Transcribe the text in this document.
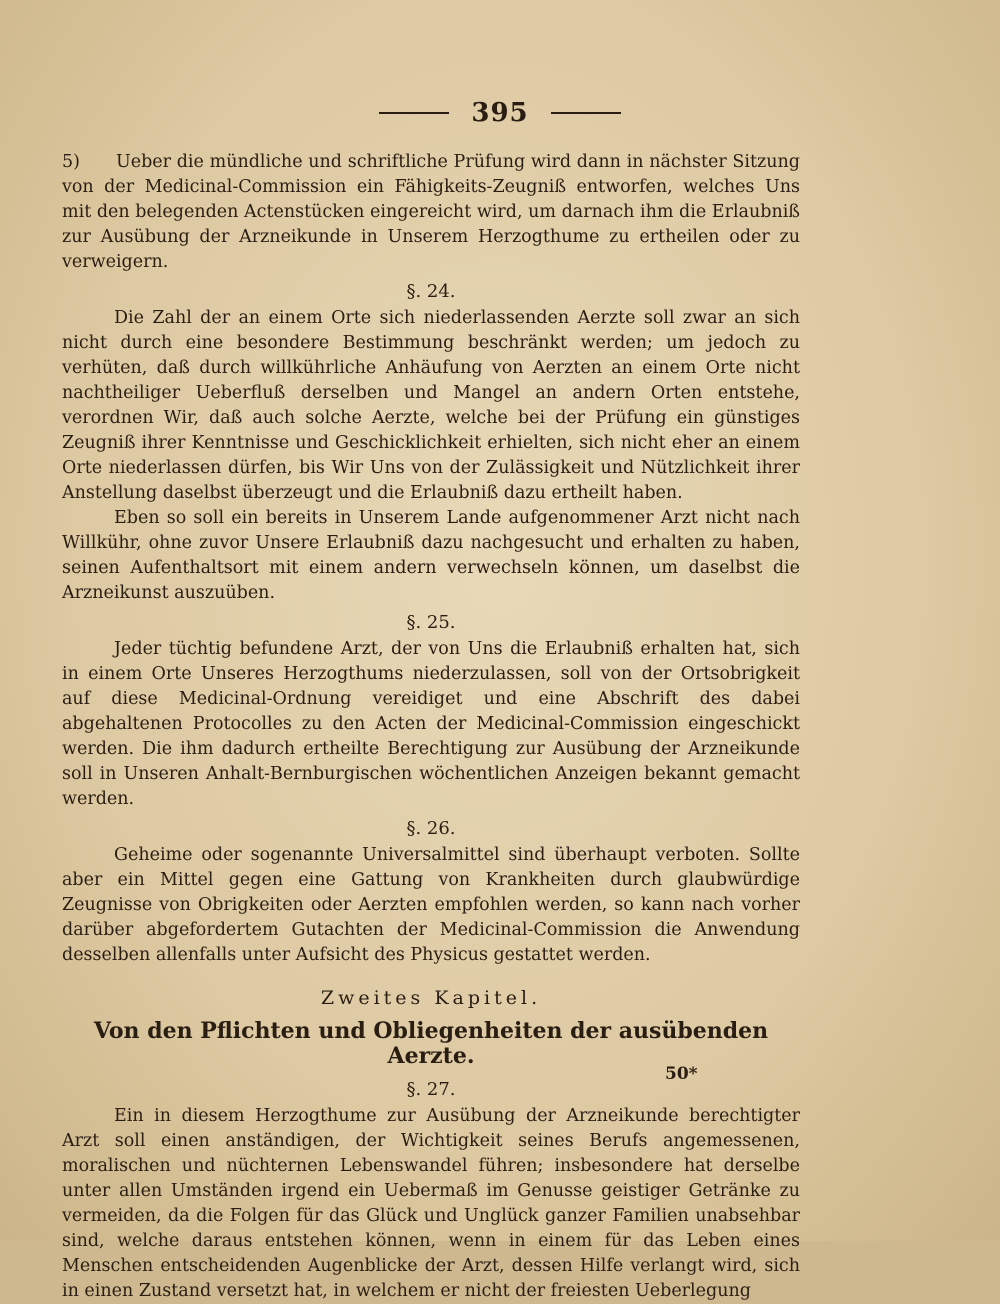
395

5) Ueber die mündliche und schriftliche Prüfung wird dann in nächster Sitzung von der Medicinal-Commission ein Fähigkeits-Zeugniß entworfen, welches Uns mit den belegenden Actenstücken eingereicht wird, um darnach ihm die Erlaubniß zur Ausübung der Arzneikunde in Unserem Herzogthume zu ertheilen oder zu verweigern.

§. 24.

Die Zahl der an einem Orte sich niederlassenden Aerzte soll zwar an sich nicht durch eine besondere Bestimmung beschränkt werden; um jedoch zu verhüten, daß durch willkührliche Anhäufung von Aerzten an einem Orte nicht nachtheiliger Ueberfluß derselben und Mangel an andern Orten entstehe, verordnen Wir, daß auch solche Aerzte, welche bei der Prüfung ein günstiges Zeugniß ihrer Kenntnisse und Geschicklichkeit erhielten, sich nicht eher an einem Orte niederlassen dürfen, bis Wir Uns von der Zulässigkeit und Nützlichkeit ihrer Anstellung daselbst überzeugt und die Erlaubniß dazu ertheilt haben.

Eben so soll ein bereits in Unserem Lande aufgenommener Arzt nicht nach Willkühr, ohne zuvor Unsere Erlaubniß dazu nachgesucht und erhalten zu haben, seinen Aufenthaltsort mit einem andern verwechseln können, um daselbst die Arzneikunst auszuüben.

§. 25.

Jeder tüchtig befundene Arzt, der von Uns die Erlaubniß erhalten hat, sich in einem Orte Unseres Herzogthums niederzulassen, soll von der Ortsobrigkeit auf diese Medicinal-Ordnung vereidiget und eine Abschrift des dabei abgehaltenen Protocolles zu den Acten der Medicinal-Commission eingeschickt werden. Die ihm dadurch ertheilte Berechtigung zur Ausübung der Arzneikunde soll in Unseren Anhalt-Bernburgischen wöchentlichen Anzeigen bekannt gemacht werden.

§. 26.

Geheime oder sogenannte Universalmittel sind überhaupt verboten. Sollte aber ein Mittel gegen eine Gattung von Krankheiten durch glaubwürdige Zeugnisse von Obrigkeiten oder Aerzten empfohlen werden, so kann nach vorher darüber abgefordertem Gutachten der Medicinal-Commission die Anwendung desselben allenfalls unter Aufsicht des Physicus gestattet werden.

Zweites Kapitel.
Von den Pflichten und Obliegenheiten der ausübenden Aerzte.
§. 27.

Ein in diesem Herzogthume zur Ausübung der Arzneikunde berechtigter Arzt soll einen anständigen, der Wichtigkeit seines Berufs angemessenen, moralischen und nüchternen Lebenswandel führen; insbesondere hat derselbe unter allen Umständen irgend ein Uebermaß im Genusse geistiger Getränke zu vermeiden, da die Folgen für das Glück und Unglück ganzer Familien unabsehbar sind, welche daraus entstehen können, wenn in einem für das Leben eines Menschen entscheidenden Augenblicke der Arzt, dessen Hilfe verlangt wird, sich in einen Zustand versetzt hat, in welchem er nicht der freiesten Ueberlegung

50*
